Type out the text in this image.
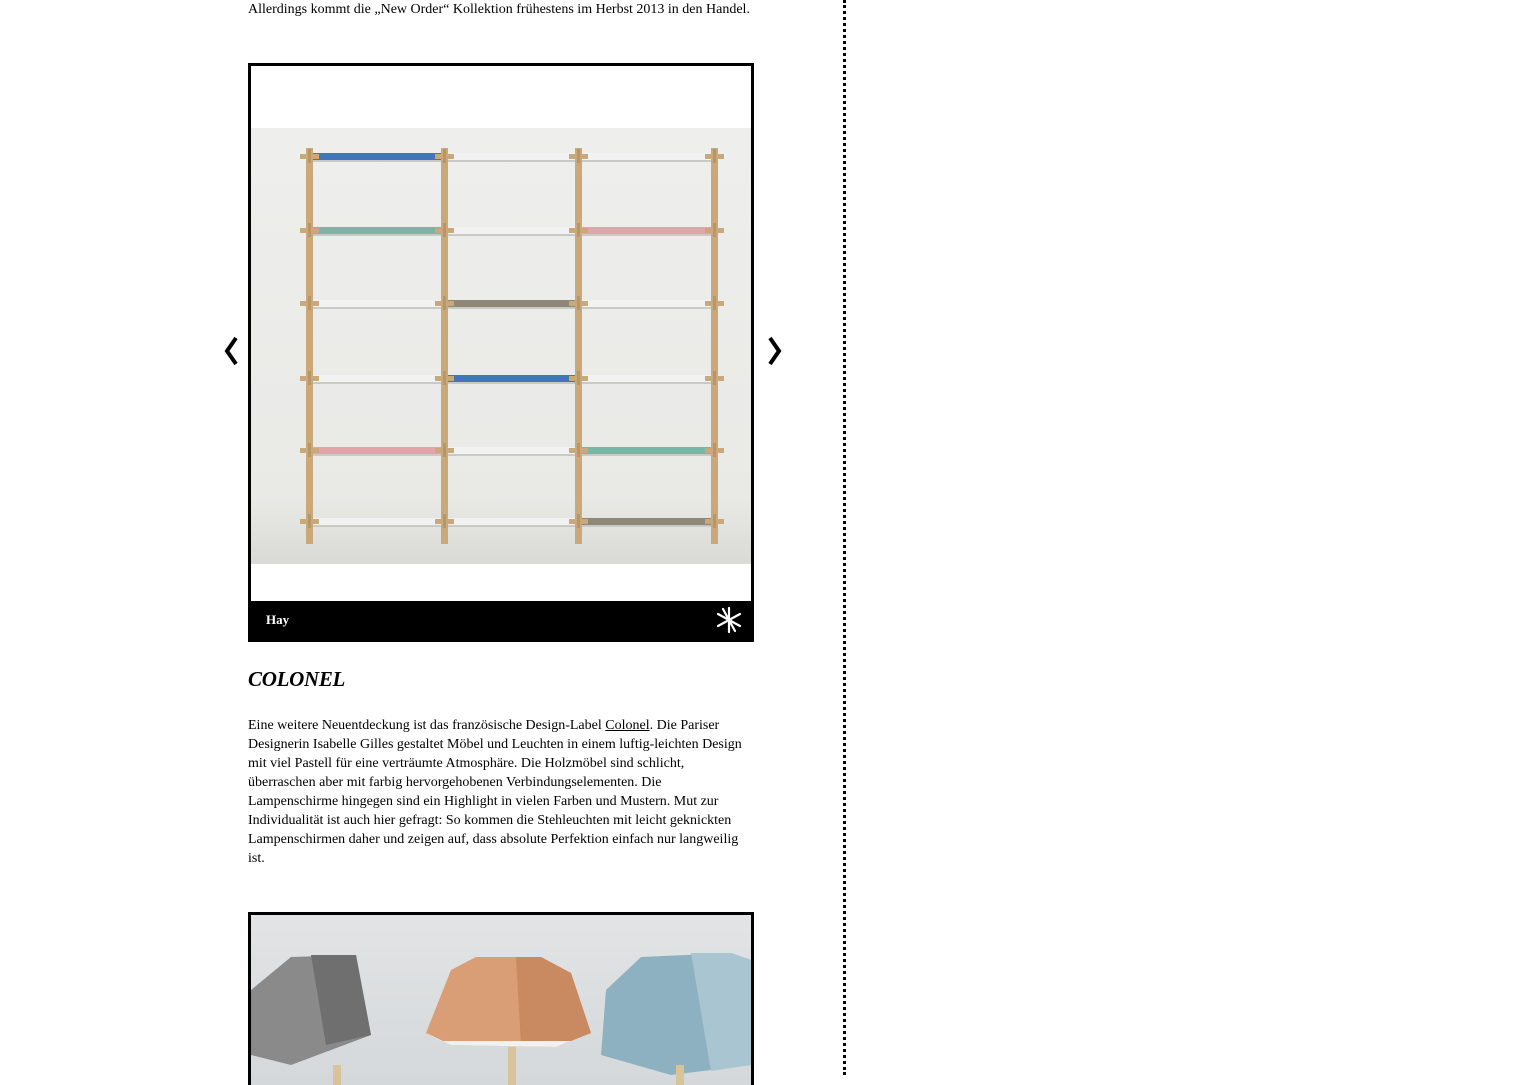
Allerdings kommt die „New Order“ Kollektion frühestens im Herbst 2013 in den Handel.

Hay
COLONEL

Eine weitere Neuentdeckung ist das französische Design-Label Colonel. Die Pariser Designerin Isabelle Gilles gestaltet Möbel und Leuchten in einem luftig-leichten Design mit viel Pastell für eine verträumte Atmosphäre. Die Holzmöbel sind schlicht, überraschen aber mit farbig hervorgehobenen Verbindungselementen. Die Lampenschirme hingegen sind ein Highlight in vielen Farben und Mustern. Mut zur Individualität ist auch hier gefragt: So kommen die Stehleuchten mit leicht geknickten Lampenschirmen daher und zeigen auf, dass absolute Perfektion einfach nur langweilig ist.
